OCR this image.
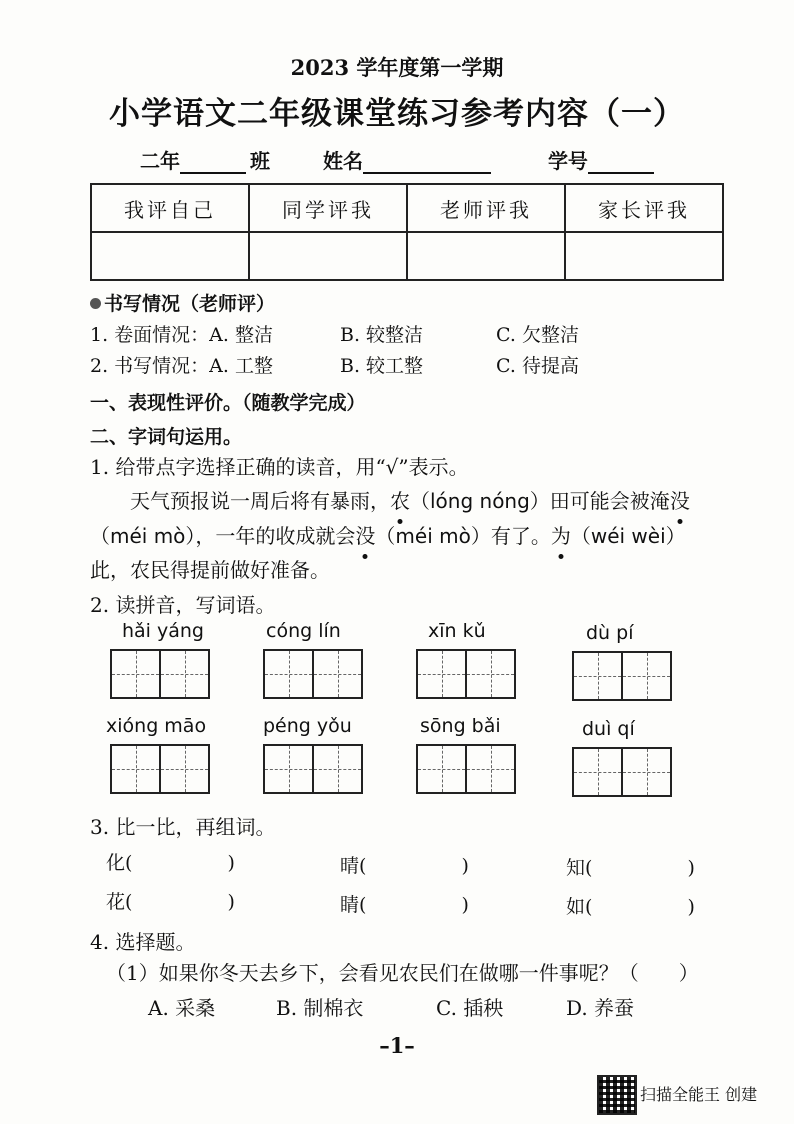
2023 学年度第一学期
小学语文二年级课堂练习参考内容（一）
二年	班	姓名	学号
我评自己	同学评我	老师评我	家长评我

书写情况（老师评）
1. 卷面情况：A. 整洁	B. 较整洁	C. 欠整洁
2. 书写情况：A. 工整	B. 较工整	C. 待提高
一、表现性评价。（随教学完成）
二、字词句运用。
1. 给带点字选择正确的读音，用“√”表示。
天气预报说一周后将有暴雨，农（lóng nóng）田可能会被淹没
（méi mò），一年的收成就会没（méi mò）有了。为（wéi wèi）
此，农民得提前做好准备。
2. 读拼音，写词语。
hǎi yáng	cóng lín	xīn kǔ	dù pí
xióng māo	péng yǒu	sōng bǎi	duì qí
3. 比一比，再组词。
化(	)	晴(	)	知(	)
花(	)	睛(	)	如(	)
4. 选择题。
（1）如果你冬天去乡下，会看见农民们在做哪一件事呢？（　　）
A. 采桑	B. 制棉衣	C. 插秧	D. 养蚕
–1–
扫描全能王 创建
